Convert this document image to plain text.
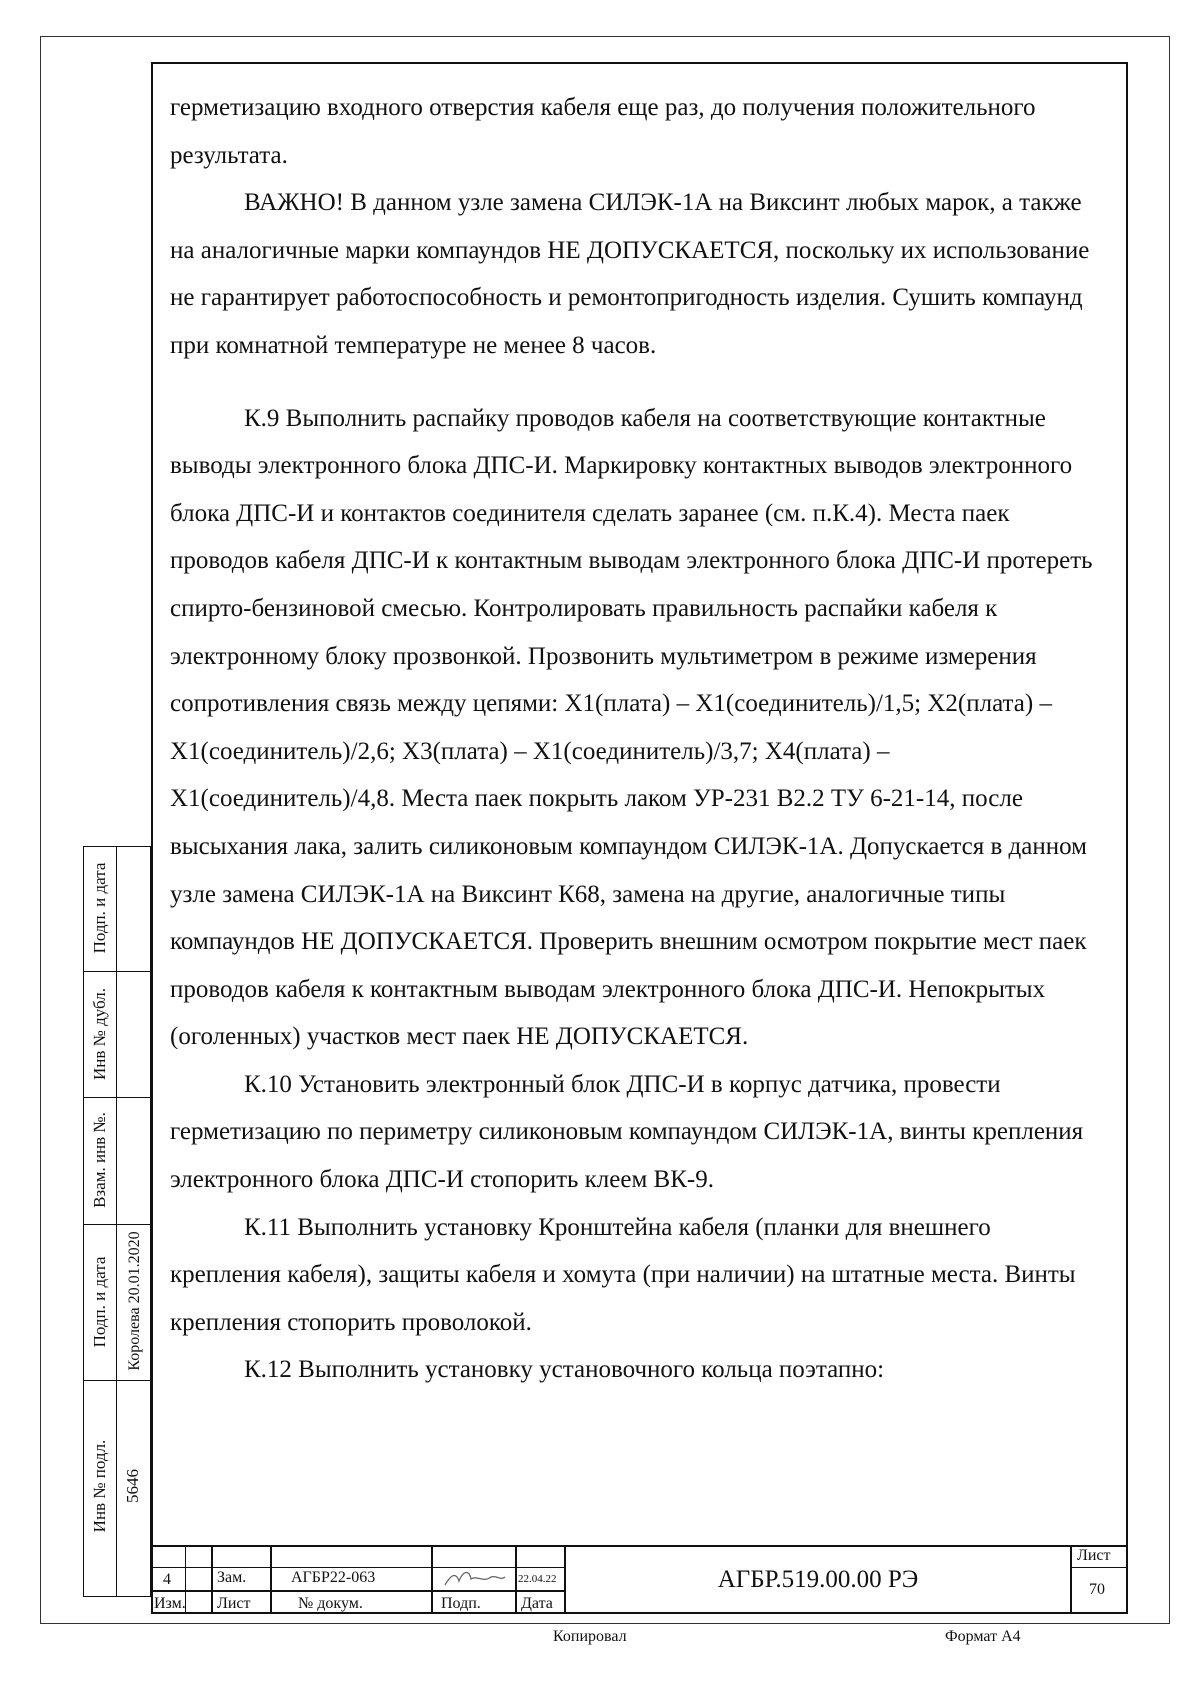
герметизацию входного отверстия кабеля еще раз, до получения положительного результата.

ВАЖНО! В данном узле замена СИЛЭК-1А на Виксинт любых марок, а также на аналогичные марки компаундов НЕ ДОПУСКАЕТСЯ, поскольку их использование не гарантирует работоспособность и ремонтопригодность изделия. Сушить компаунд при комнатной температуре не менее 8 часов.

К.9 Выполнить распайку проводов кабеля на соответствующие контактные выводы электронного блока ДПС-И. Маркировку контактных выводов электронного блока ДПС-И и контактов соединителя сделать заранее (см. п.К.4). Места паек проводов кабеля ДПС-И к контактным выводам электронного блока ДПС-И протереть спирто-бензиновой смесью. Контролировать правильность распайки кабеля к электронному блоку прозвонкой. Прозвонить мультиметром в режиме измерения сопротивления связь между цепями: Х1(плата) – Х1(соединитель)/1,5; Х2(плата) – Х1(соединитель)/2,6; Х3(плата) – Х1(соединитель)/3,7; Х4(плата) – Х1(соединитель)/4,8. Места паек покрыть лаком УР-231 В2.2 ТУ 6-21-14, после высыхания лака, залить силиконовым компаундом СИЛЭК-1А. Допускается в данном узле замена СИЛЭК-1А на Виксинт К68, замена на другие, аналогичные типы компаундов НЕ ДОПУСКАЕТСЯ. Проверить внешним осмотром покрытие мест паек проводов кабеля к контактным выводам электронного блока ДПС-И. Непокрытых (оголенных) участков мест паек НЕ ДОПУСКАЕТСЯ.

К.10 Установить электронный блок ДПС-И в корпус датчика, провести герметизацию по периметру силиконовым компаундом СИЛЭК-1А, винты крепления электронного блока ДПС-И стопорить клеем ВК-9.

К.11 Выполнить установку Кронштейна кабеля (планки для внешнего крепления кабеля), защиты кабеля и хомута (при наличии) на штатные места. Винты крепления стопорить проволокой.

К.12 Выполнить установку установочного кольца поэтапно:

Подп. и дата
Инв № дубл.
Взам. инв №.
Подп. и дата Королева 20.01.2020
Инв № подл. 5646
4	Зам.	АГБР22-063	22.04.22
Изм. Лист	№ докум.	Подп.	Дата
Лист
70
АГБР.519.00.00 РЭ
Копировал	Формат А4
